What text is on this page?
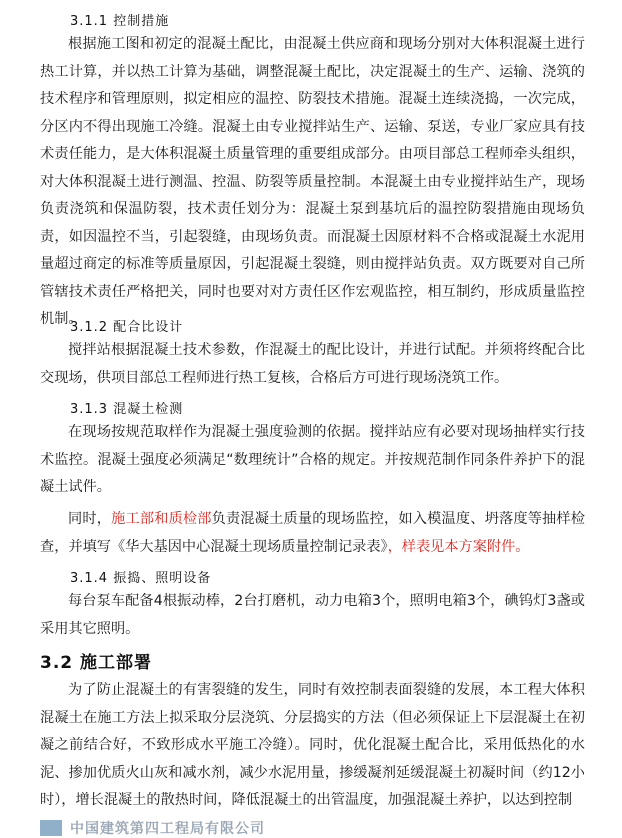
3.1.1 控制措施

根据施工图和初定的混凝土配比，由混凝土供应商和现场分别对大体积混凝土进行热工计算，并以热工计算为基础，调整混凝土配比，决定混凝土的生产、运输、浇筑的技术程序和管理原则，拟定相应的温控、防裂技术措施。混凝土连续浇捣，一次完成，分区内不得出现施工冷缝。混凝土由专业搅拌站生产、运输、泵送，专业厂家应具有技术责任能力，是大体积混凝土质量管理的重要组成部分。由项目部总工程师牵头组织，对大体积混凝土进行测温、控温、防裂等质量控制。本混凝土由专业搅拌站生产，现场负责浇筑和保温防裂，技术责任划分为：混凝土泵到基坑后的温控防裂措施由现场负责，如因温控不当，引起裂缝，由现场负责。而混凝土因原材料不合格或混凝土水泥用量超过商定的标准等质量原因，引起混凝土裂缝，则由搅拌站负责。双方既要对自己所管辖技术责任严格把关，同时也要对对方责任区作宏观监控，相互制约，形成质量监控机制。

3.1.2 配合比设计

搅拌站根据混凝土技术参数，作混凝土的配比设计，并进行试配。并须将终配合比交现场，供项目部总工程师进行热工复核，合格后方可进行现场浇筑工作。

3.1.3 混凝土检测

在现场按规范取样作为混凝土强度验测的依据。搅拌站应有必要对现场抽样实行技术监控。混凝土强度必须满足“数理统计”合格的规定。并按规范制作同条件养护下的混凝土试件。

同时，施工部和质检部负责混凝土质量的现场监控，如入模温度、坍落度等抽样检查，并填写《华大基因中心混凝土现场质量控制记录表》，样表见本方案附件。

3.1.4 振捣、照明设备

每台泵车配备4根振动棒，2台打磨机，动力电箱3个，照明电箱3个，碘钨灯3盏或采用其它照明。

3.2 施工部署

为了防止混凝土的有害裂缝的发生，同时有效控制表面裂缝的发展，本工程大体积混凝土在施工方法上拟采取分层浇筑、分层捣实的方法（但必须保证上下层混凝土在初凝之前结合好，不致形成水平施工冷缝）。同时，优化混凝土配合比，采用低热化的水泥、掺加优质火山灰和减水剂，减少水泥用量，掺缓凝剂延缓混凝土初凝时间（约12小时），增长混凝土的散热时间，降低混凝土的出管温度，加强混凝土养护，以达到控制

中国建筑第四工程局有限公司
